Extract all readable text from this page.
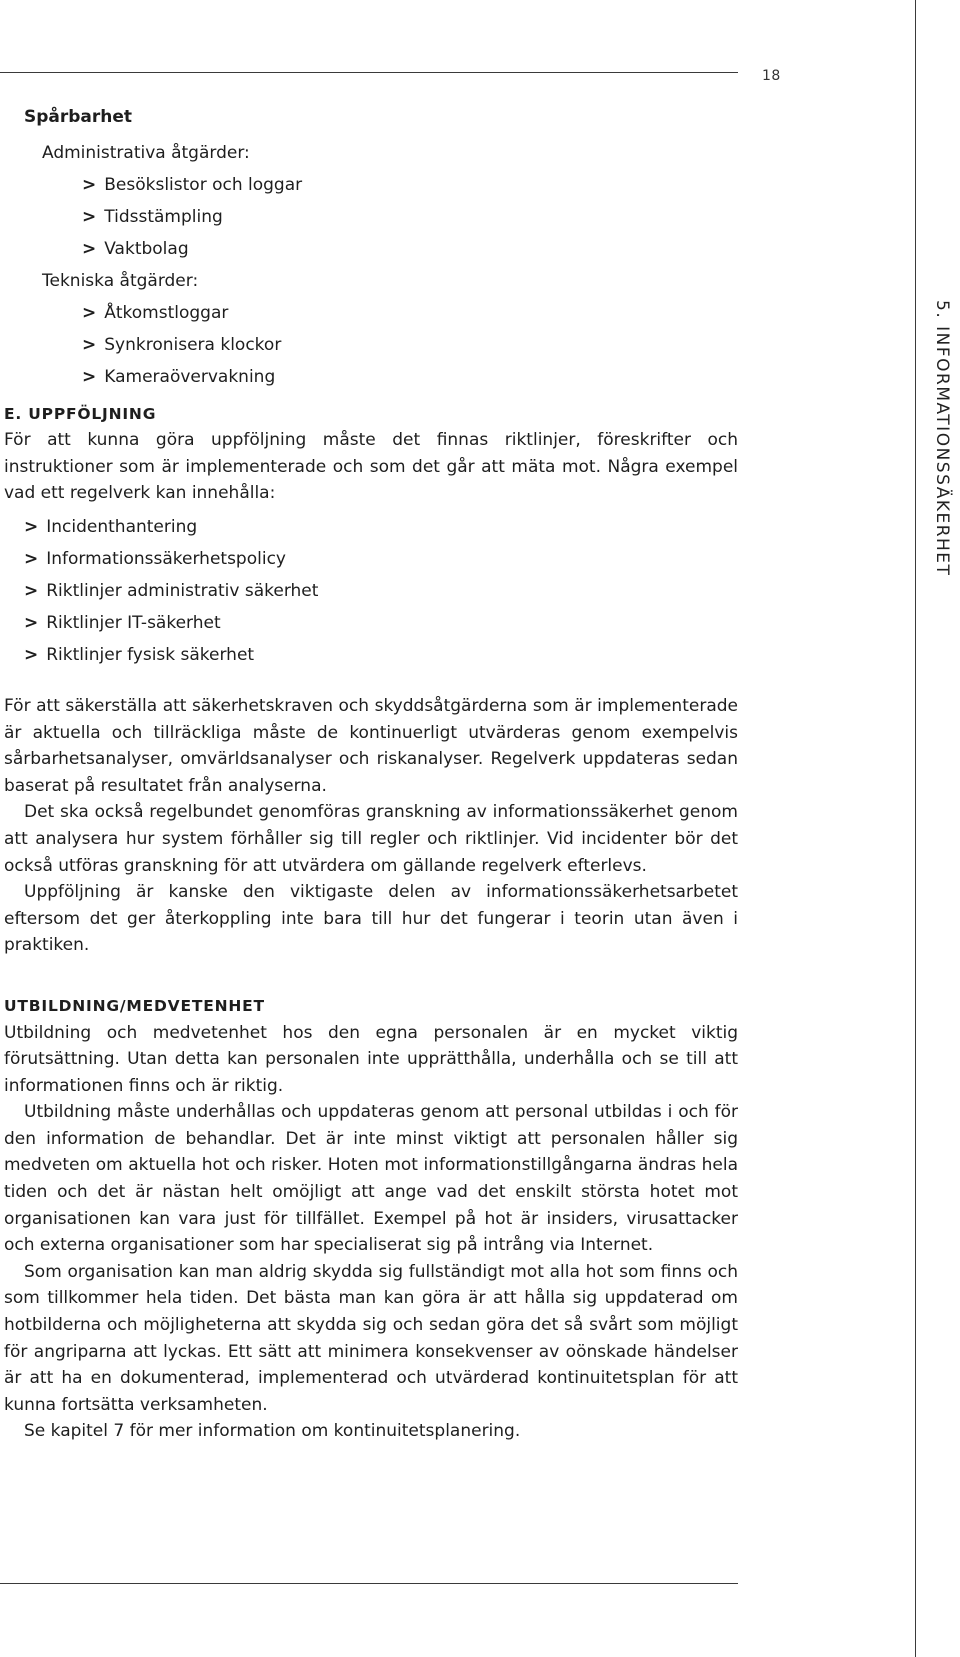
18
5. INFORMATIONSSÄKERHET

Spårbarhet

Administrativa åtgärder:
> Besökslistor och loggar
> Tidsstämpling
> Vaktbolag
Tekniska åtgärder:
> Åtkomstloggar
> Synkronisera klockor
> Kameraövervakning

E. UPPFÖLJNING

För att kunna göra uppföljning måste det finnas riktlinjer, föreskrifter och instruktioner som är implementerade och som det går att mäta mot. Några exempel vad ett regelverk kan innehålla:

> Incidenthantering
> Informationssäkerhetspolicy
> Riktlinjer administrativ säkerhet
> Riktlinjer IT-säkerhet
> Riktlinjer fysisk säkerhet

För att säkerställa att säkerhetskraven och skyddsåtgärderna som är implementerade är aktuella och tillräckliga måste de kontinuerligt utvärderas genom exempelvis sårbarhetsanalyser, omvärldsanalyser och riskanalyser. Regelverk uppdateras sedan baserat på resultatet från analyserna.

Det ska också regelbundet genomföras granskning av informationssäkerhet genom att analysera hur system förhåller sig till regler och riktlinjer. Vid incidenter bör det också utföras granskning för att utvärdera om gällande regelverk efterlevs.

Uppföljning är kanske den viktigaste delen av informationssäkerhetsarbetet eftersom det ger återkoppling inte bara till hur det fungerar i teorin utan även i praktiken.

UTBILDNING/MEDVETENHET

Utbildning och medvetenhet hos den egna personalen är en mycket viktig förutsättning. Utan detta kan personalen inte upprätthålla, underhålla och se till att informationen finns och är riktig.

Utbildning måste underhållas och uppdateras genom att personal utbildas i och för den information de behandlar. Det är inte minst viktigt att personalen håller sig medveten om aktuella hot och risker. Hoten mot informationstillgångarna ändras hela tiden och det är nästan helt omöjligt att ange vad det enskilt största hotet mot organisationen kan vara just för tillfället. Exempel på hot är insiders, virusattacker och externa organisationer som har specialiserat sig på intrång via Internet.

Som organisation kan man aldrig skydda sig fullständigt mot alla hot som finns och som tillkommer hela tiden. Det bästa man kan göra är att hålla sig uppdaterad om hotbilderna och möjligheterna att skydda sig och sedan göra det så svårt som möjligt för angriparna att lyckas. Ett sätt att minimera konsekvenser av oönskade händelser är att ha en dokumenterad, implementerad och utvärderad kontinuitetsplan för att kunna fortsätta verksamheten.

Se kapitel 7 för mer information om kontinuitetsplanering.
